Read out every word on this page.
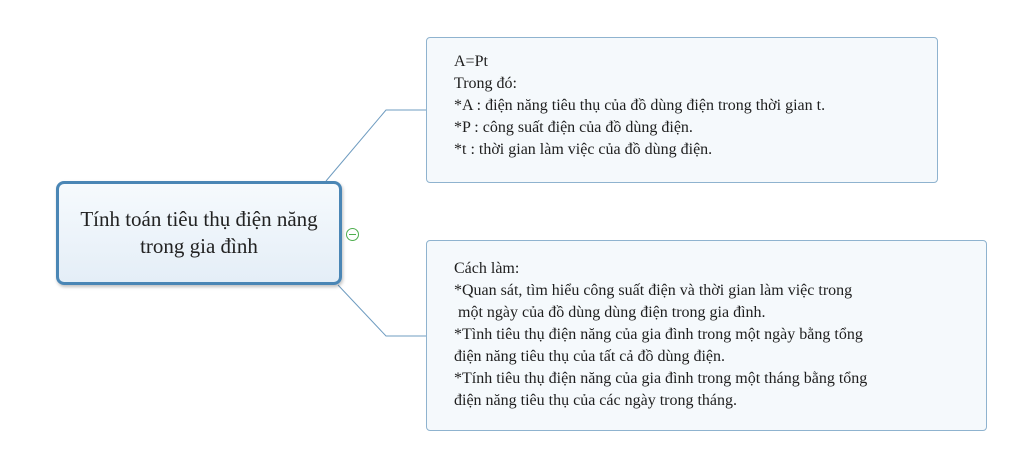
Tính toán tiêu thụ điện năng trong gia đình
A=Pt
Trong đó:
*A : điện năng tiêu thụ của đồ dùng điện trong thời gian t.
*P : công suất điện của đồ dùng điện.
*t : thời gian làm việc của đồ dùng điện.
Cách làm:
*Quan sát, tìm hiểu công suất điện và thời gian làm việc trong
một ngày của đồ dùng dùng điện trong gia đình.
*Tình tiêu thụ điện năng của gia đình trong một ngày bằng tổng
điện năng tiêu thụ của tất cả đồ dùng điện.
*Tính tiêu thụ điện năng của gia đình trong một tháng bằng tổng
điện năng tiêu thụ của các ngày trong tháng.
